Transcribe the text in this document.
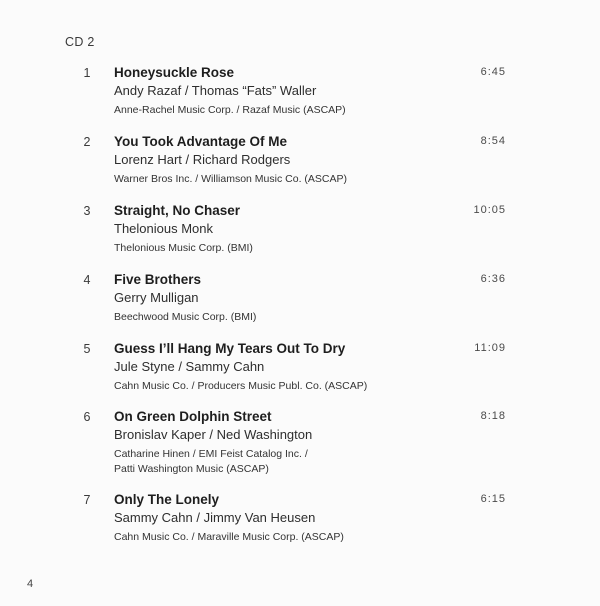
CD 2
1 Honeysuckle Rose	6:45
Andy Razaf / Thomas “Fats” Waller
Anne-Rachel Music Corp. / Razaf Music (ASCAP)
2 You Took Advantage Of Me	8:54
Lorenz Hart / Richard Rodgers
Warner Bros Inc. / Williamson Music Co. (ASCAP)
3 Straight, No Chaser	10:05
Thelonious Monk
Thelonious Music Corp. (BMI)
4 Five Brothers	6:36
Gerry Mulligan
Beechwood Music Corp. (BMI)
5 Guess I’ll Hang My Tears Out To Dry	11:09
Jule Styne / Sammy Cahn
Cahn Music Co. / Producers Music Publ. Co. (ASCAP)
6 On Green Dolphin Street	8:18
Bronislav Kaper / Ned Washington
Catharine Hinen / EMI Feist Catalog Inc. /
Patti Washington Music (ASCAP)
7 Only The Lonely	6:15
Sammy Cahn / Jimmy Van Heusen
Cahn Music Co. / Maraville Music Corp. (ASCAP)
4
